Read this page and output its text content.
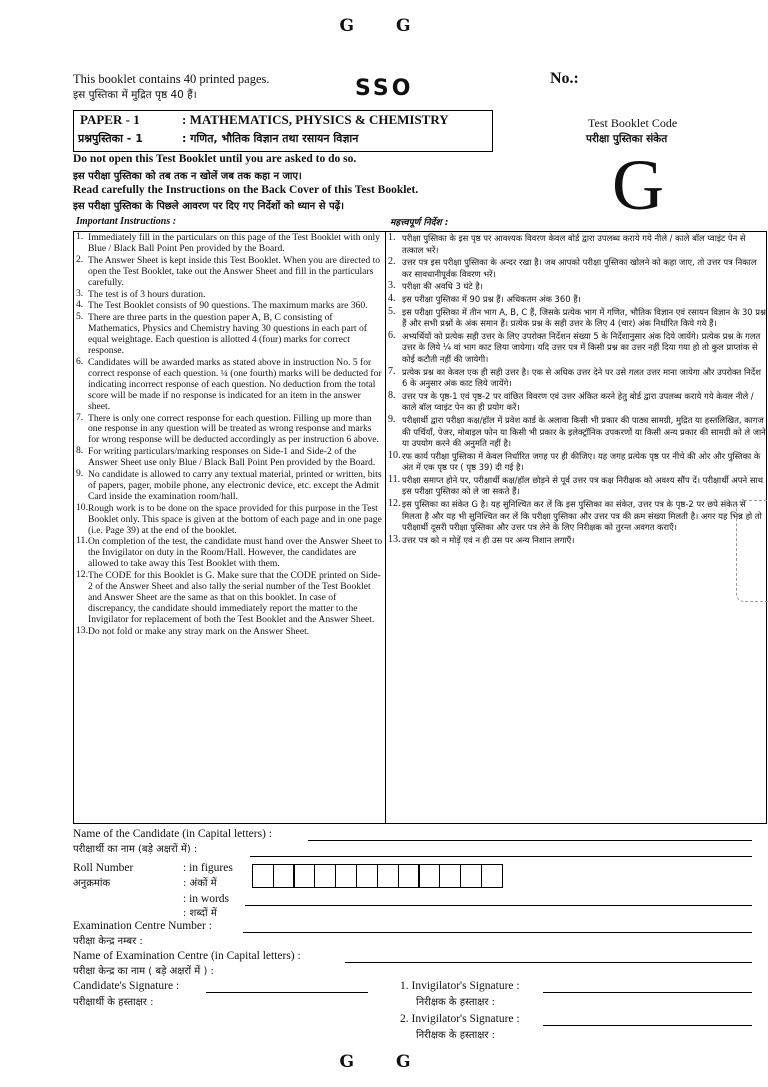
G G
This booklet contains 40 printed pages.
इस पुस्तिका में मुद्रित पृष्ठ 40 हैं।	SSO	No.:
Test Booklet Code
परीक्षा पुस्तिका संकेत
G
PAPER - 1	: MATHEMATICS, PHYSICS & CHEMISTRY
प्रश्नपुस्तिका - 1	: गणित, भौतिक विज्ञान तथा रसायन विज्ञान
Do not open this Test Booklet until you are asked to do so.
इस परीक्षा पुस्तिका को तब तक न खोलें जब तक कहा न जाए।
Read carefully the Instructions on the Back Cover of this Test Booklet.
इस परीक्षा पुस्तिका के पिछले आवरण पर दिए गए निर्देशों को ध्यान से पढ़ें।
Important Instructions :	महत्त्वपूर्ण निर्देश :
1. Immediately fill in the particulars on this page of the Test Booklet with only Blue / Black Ball Point Pen provided by the Board.
2. The Answer Sheet is kept inside this Test Booklet. When you are directed to open the Test Booklet, take out the Answer Sheet and fill in the particulars carefully.
3. The test is of 3 hours duration.
4. The Test Booklet consists of 90 questions. The maximum marks are 360.
5. There are three parts in the question paper A, B, C consisting of Mathematics, Physics and Chemistry having 30 questions in each part of equal weightage. Each question is allotted 4 (four) marks for correct response.
6. Candidates will be awarded marks as stated above in instruction No. 5 for correct response of each question. ¼ (one fourth) marks will be deducted for indicating incorrect response of each question. No deduction from the total score will be made if no response is indicated for an item in the answer sheet.
7. There is only one correct response for each question. Filling up more than one response in any question will be treated as wrong response and marks for wrong response will be deducted accordingly as per instruction 6 above.
8. For writing particulars/marking responses on Side-1 and Side-2 of the Answer Sheet use only Blue / Black Ball Point Pen provided by the Board.
9. No candidate is allowed to carry any textual material, printed or written, bits of papers, pager, mobile phone, any electronic device, etc. except the Admit Card inside the examination room/hall.
10. Rough work is to be done on the space provided for this purpose in the Test Booklet only. This space is given at the bottom of each page and in one page (i.e. Page 39) at the end of the booklet.
11. On completion of the test, the candidate must hand over the Answer Sheet to the Invigilator on duty in the Room/Hall. However, the candidates are allowed to take away this Test Booklet with them.
12. The CODE for this Booklet is G. Make sure that the CODE printed on Side-2 of the Answer Sheet and also tally the serial number of the Test Booklet and Answer Sheet are the same as that on this booklet. In case of discrepancy, the candidate should immediately report the matter to the Invigilator for replacement of both the Test Booklet and the Answer Sheet.
13. Do not fold or make any stray mark on the Answer Sheet.
1. परीक्षा पुस्तिका के इस पृष्ठ पर आवश्यक विवरण केवल बोर्ड द्वारा उपलब्ध कराये गये नीले / काले बॉल प्वाइंट पेन से तत्काल भरें।
2. उत्तर पत्र इस परीक्षा पुस्तिका के अन्दर रखा है। जब आपको परीक्षा पुस्तिका खोलने को कहा जाए, तो उत्तर पत्र निकाल कर सावधानीपूर्वक विवरण भरें।
3. परीक्षा की अवधि 3 घंटे है।
4. इस परीक्षा पुस्तिका में 90 प्रश्न हैं। अधिकतम अंक 360 हैं।
5. इस परीक्षा पुस्तिका में तीन भाग A, B, C हैं, जिसके प्रत्येक भाग में गणित, भौतिक विज्ञान एवं रसायन विज्ञान के 30 प्रश्न हैं और सभी प्रश्नों के अंक समान हैं। प्रत्येक प्रश्न के सही उत्तर के लिए 4 (चार) अंक निर्धारित किये गये हैं।
6. अभ्यर्थियों को प्रत्येक सही उत्तर के लिए उपरोक्त निर्देशन संख्या 5 के निर्देशानुसार अंक दिये जायेंगे। प्रत्येक प्रश्न के गलत उत्तर के लिये ¼ वां भाग काट लिया जायेगा। यदि उत्तर पत्र में किसी प्रश्न का उत्तर नहीं दिया गया हो तो कुल प्राप्तांक से कोई कटौती नहीं की जायेगी।
7. प्रत्येक प्रश्न का केवल एक ही सही उत्तर है। एक से अधिक उत्तर देने पर उसे गलत उत्तर माना जायेगा और उपरोक्त निर्देश 6 के अनुसार अंक काट लिये जायेंगे।
8. उत्तर पत्र के पृष्ठ-1 एवं पृष्ठ-2 पर वांछित विवरण एवं उत्तर अंकित करने हेतु बोर्ड द्वारा उपलब्ध कराये गये केवल नीले / काले बॉल प्वाइंट पेन का ही प्रयोग करें।
9. परीक्षार्थी द्वारा परीक्षा कक्ष/हॉल में प्रवेश कार्ड के अलावा किसी भी प्रकार की पाठ्य सामग्री, मुद्रित या हस्तलिखित, कागज की पर्चियाँ, पेजर, मोबाइल फोन या किसी भी प्रकार के इलेक्ट्रॉनिक उपकरणों या किसी अन्य प्रकार की सामग्री को ले जाने या उपयोग करने की अनुमति नहीं है।
10. रफ कार्य परीक्षा पुस्तिका में केवल निर्धारित जगह पर ही कीजिए। यह जगह प्रत्येक पृष्ठ पर नीचे की ओर और पुस्तिका के अंत में एक पृष्ठ पर ( पृष्ठ 39) दी गई है।
11. परीक्षा समाप्त होने पर, परीक्षार्थी कक्ष/हॉल छोड़ने से पूर्व उत्तर पत्र कक्ष निरीक्षक को अवश्य सौंप दें। परीक्षार्थी अपने साथ इस परीक्षा पुस्तिका को ले जा सकते हैं।
12. इस पुस्तिका का संकेत G है। यह सुनिश्चित कर लें कि इस पुस्तिका का संकेत, उत्तर पत्र के पृष्ठ-2 पर छपे संकेत से मिलता है और यह भी सुनिश्चित कर लें कि परीक्षा पुस्तिका और उत्तर पत्र की क्रम संख्या मिलती है। अगर यह भिन्न हो तो परीक्षार्थी दूसरी परीक्षा पुस्तिका और उत्तर पत्र लेने के लिए निरीक्षक को तुरन्त अवगत कराएँ।
13. उत्तर पत्र को न मोड़ें एवं न ही उस पर अन्य निशान लगाएँ।
Name of the Candidate (in Capital letters) :
परीक्षार्थी का नाम (बड़े अक्षरों में) :
Roll Number
अनुक्रमांक
: in figures
: अंकों में
: in words
: शब्दों में
Examination Centre Number :
परीक्षा केन्द्र नम्बर :
Name of Examination Centre (in Capital letters) :
परीक्षा केन्द्र का नाम ( बड़े अक्षरों में ) :
Candidate's Signature :
परीक्षार्थी के हस्ताक्षर :
1. Invigilator's Signature :
निरीक्षक के हस्ताक्षर :
2. Invigilator's Signature :
निरीक्षक के हस्ताक्षर :
G G
